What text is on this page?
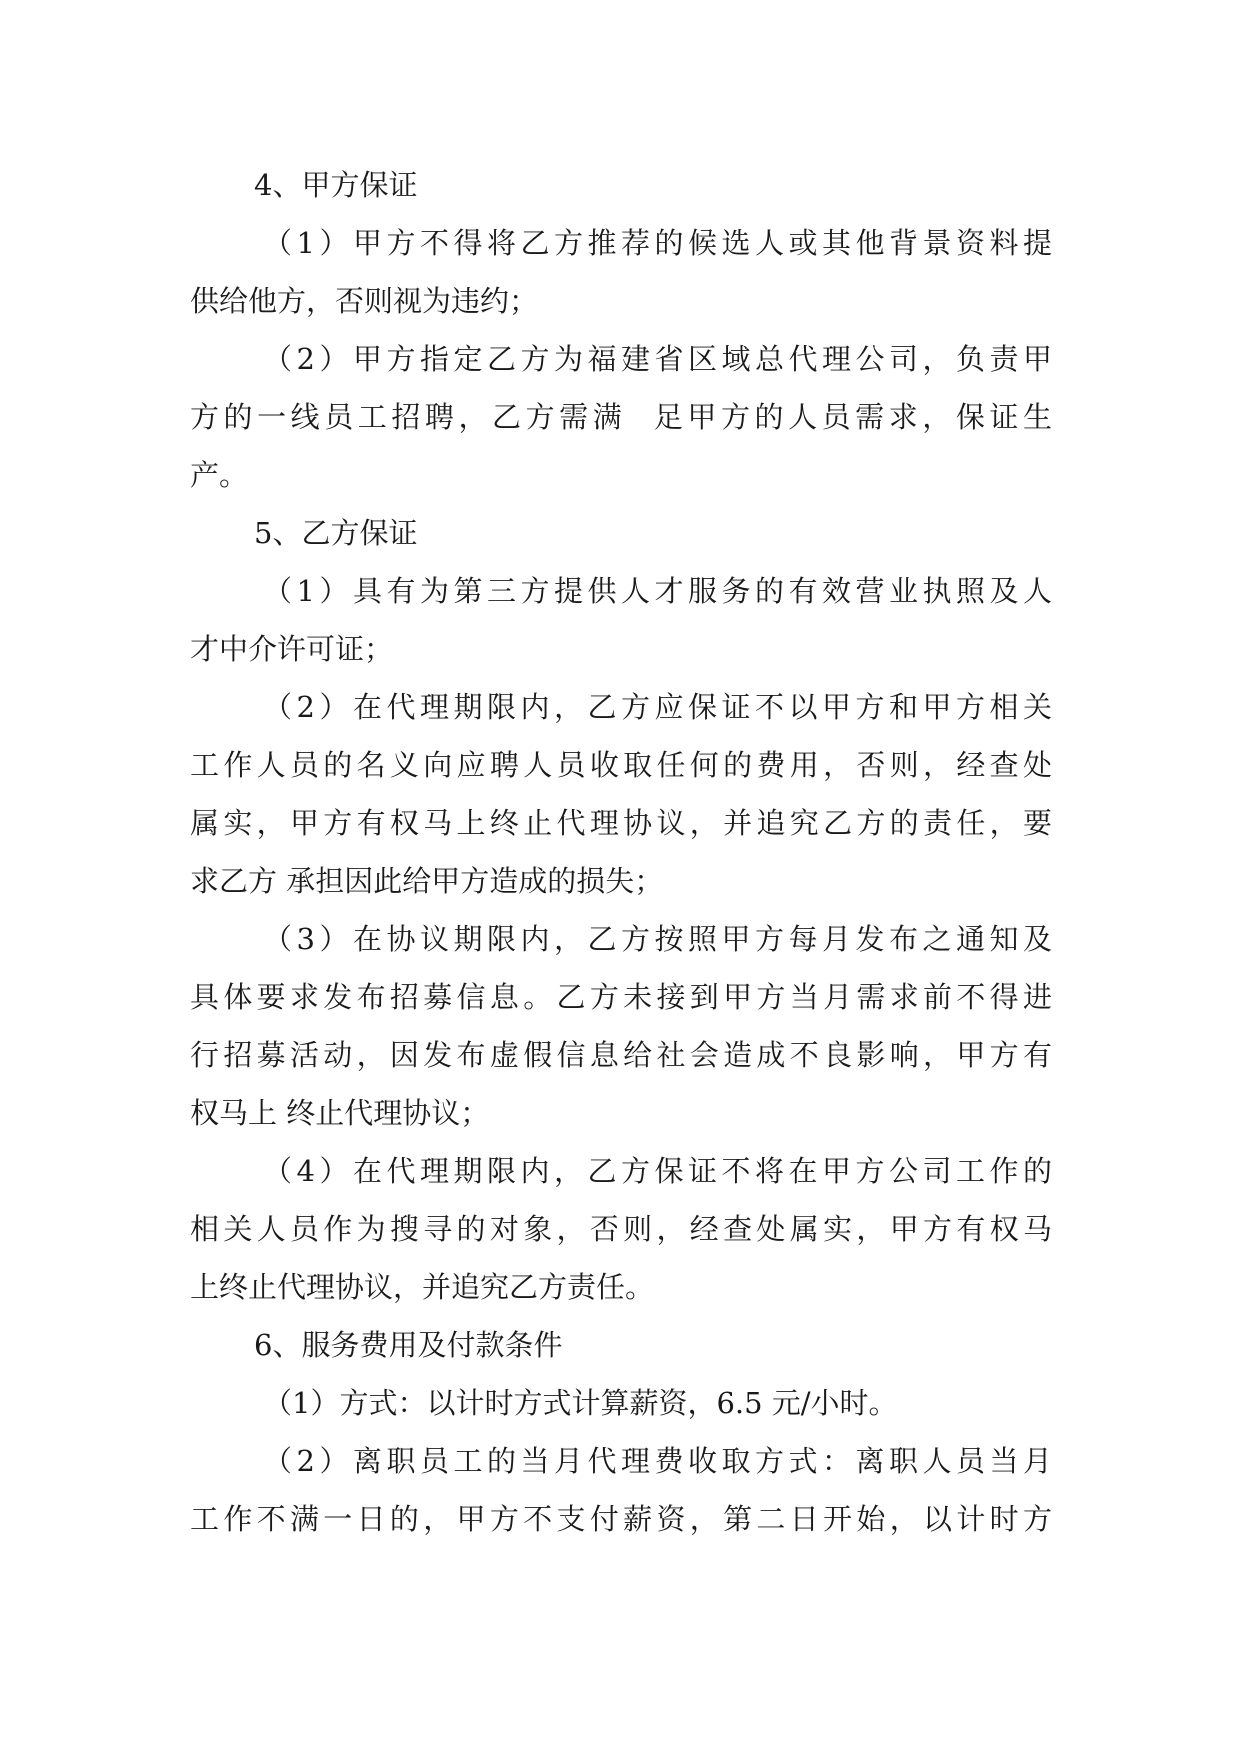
4、甲方保证
（1）甲方不得将乙方推荐的候选人或其他背景资料提
供给他方，否则视为违约；
（2）甲方指定乙方为福建省区域总代理公司，负责甲
方的一线员工招聘，乙方需满  足甲方的人员需求，保证生
产。
5、乙方保证
（1）具有为第三方提供人才服务的有效营业执照及人
才中介许可证；
（2）在代理期限内，乙方应保证不以甲方和甲方相关
工作人员的名义向应聘人员收取任何的费用，否则，经查处
属实，甲方有权马上终止代理协议，并追究乙方的责任，要
求乙方 承担因此给甲方造成的损失；
（3）在协议期限内，乙方按照甲方每月发布之通知及
具体要求发布招募信息。乙方未接到甲方当月需求前不得进
行招募活动，因发布虚假信息给社会造成不良影响，甲方有
权马上 终止代理协议；
（4）在代理期限内，乙方保证不将在甲方公司工作的
相关人员作为搜寻的对象，否则，经查处属实，甲方有权马
上终止代理协议，并追究乙方责任。
6、服务费用及付款条件
（1）方式：以计时方式计算薪资，6.5 元/小时。
（2）离职员工的当月代理费收取方式：离职人员当月
工作不满一日的，甲方不支付薪资，第二日开始，以计时方
